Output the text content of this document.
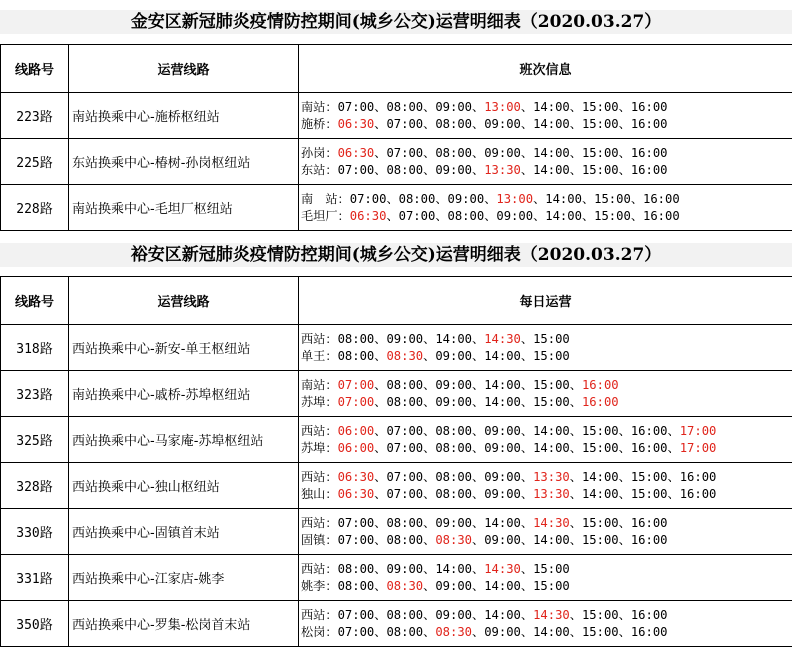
金安区新冠肺炎疫情防控期间(城乡公交)运营明细表（2020.03.27）
线路号	运营线路	班次信息
223路	南站换乘中心-施桥枢纽站	南站：07:00、08:00、09:00、13:00、14:00、15:00、16:00
施桥：06:30、07:00、08:00、09:00、14:00、15:00、16:00

225路	东站换乘中心-椿树-孙岗枢纽站	孙岗：06:30、07:00、08:00、09:00、14:00、15:00、16:00
东站：07:00、08:00、09:00、13:30、14:00、15:00、16:00

228路	南站换乘中心-毛坦厂枢纽站	南　站：07:00、08:00、09:00、13:00、14:00、15:00、16:00
毛坦厂：06:30、07:00、08:00、09:00、14:00、15:00、16:00
裕安区新冠肺炎疫情防控期间(城乡公交)运营明细表（2020.03.27）
线路号	运营线路	每日运营
318路	西站换乘中心-新安-单王枢纽站	西站：08:00、09:00、14:00、14:30、15:00
单王：08:00、08:30、09:00、14:00、15:00

323路	南站换乘中心-戚桥-苏埠枢纽站	南站：07:00、08:00、09:00、14:00、15:00、16:00
苏埠：07:00、08:00、09:00、14:00、15:00、16:00

325路	西站换乘中心-马家庵-苏埠枢纽站	西站：06:00、07:00、08:00、09:00、14:00、15:00、16:00、17:00
苏埠：06:00、07:00、08:00、09:00、14:00、15:00、16:00、17:00

328路	西站换乘中心-独山枢纽站	西站：06:30、07:00、08:00、09:00、13:30、14:00、15:00、16:00
独山：06:30、07:00、08:00、09:00、13:30、14:00、15:00、16:00

330路	西站换乘中心-固镇首末站	西站：07:00、08:00、09:00、14:00、14:30、15:00、16:00
固镇：07:00、08:00、08:30、09:00、14:00、15:00、16:00

331路	西站换乘中心-江家店-姚李	西站：08:00、09:00、14:00、14:30、15:00
姚李：08:00、08:30、09:00、14:00、15:00

350路	西站换乘中心-罗集-松岗首末站	西站：07:00、08:00、09:00、14:00、14:30、15:00、16:00
松岗：07:00、08:00、08:30、09:00、14:00、15:00、16:00
